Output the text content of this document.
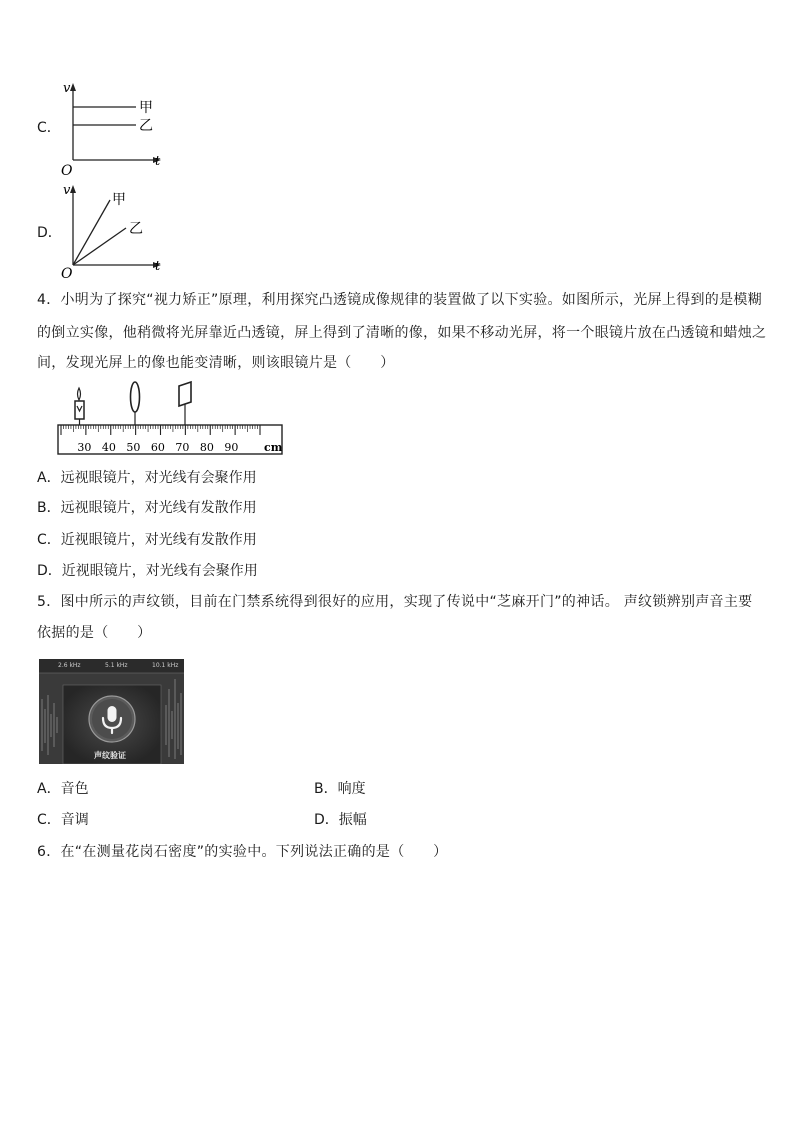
C．
v
t
O
甲
乙
D．
v
t
O
甲
乙
4．小明为了探究“视力矫正”原理，利用探究凸透镜成像规律的装置做了以下实验。如图所示，光屏上得到的是模糊
的倒立实像，他稍微将光屏靠近凸透镜，屏上得到了清晰的像，如果不移动光屏，将一个眼镜片放在凸透镜和蜡烛之
间，发现光屏上的像也能变清晰，则该眼镜片是（　　）
30 40 50 60 70 80 90 cm
A．远视眼镜片，对光线有会聚作用
B．远视眼镜片，对光线有发散作用
C．近视眼镜片，对光线有发散作用
D．近视眼镜片，对光线有会聚作用
5．图中所示的声纹锁，目前在门禁系统得到很好的应用，实现了传说中“芝麻开门”的神话。 声纹锁辨别声音主要
依据的是（　　）
2.6 kHz	5.1 kHz	10.1 kHz
声纹验证
A．音色	B．响度
C．音调	D．振幅
6．在“在测量花岗石密度”的实验中。下列说法正确的是（　　）
